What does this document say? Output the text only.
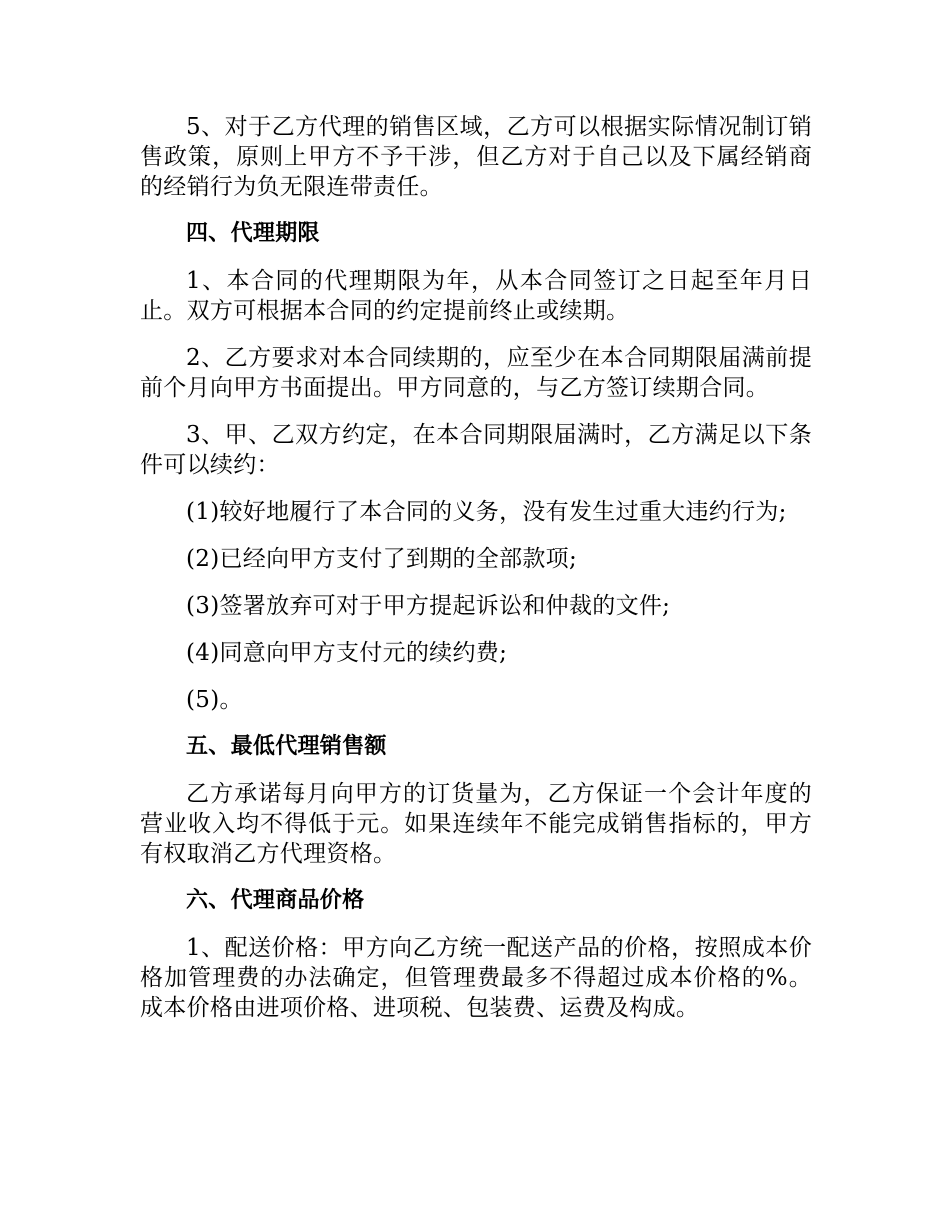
5、对于乙方代理的销售区域，乙方可以根据实际情况制订销售政策，原则上甲方不予干涉，但乙方对于自己以及下属经销商的经销行为负无限连带责任。

四、代理期限

1、本合同的代理期限为年，从本合同签订之日起至年月日止。双方可根据本合同的约定提前终止或续期。

2、乙方要求对本合同续期的，应至少在本合同期限届满前提前个月向甲方书面提出。甲方同意的，与乙方签订续期合同。

3、甲、乙双方约定，在本合同期限届满时，乙方满足以下条件可以续约：

(1)较好地履行了本合同的义务，没有发生过重大违约行为;

(2)已经向甲方支付了到期的全部款项;

(3)签署放弃可对于甲方提起诉讼和仲裁的文件;

(4)同意向甲方支付元的续约费;

(5)。

五、最低代理销售额

乙方承诺每月向甲方的订货量为，乙方保证一个会计年度的营业收入均不得低于元。如果连续年不能完成销售指标的，甲方有权取消乙方代理资格。

六、代理商品价格

1、配送价格：甲方向乙方统一配送产品的价格，按照成本价格加管理费的办法确定，但管理费最多不得超过成本价格的%。成本价格由进项价格、进项税、包装费、运费及构成。
